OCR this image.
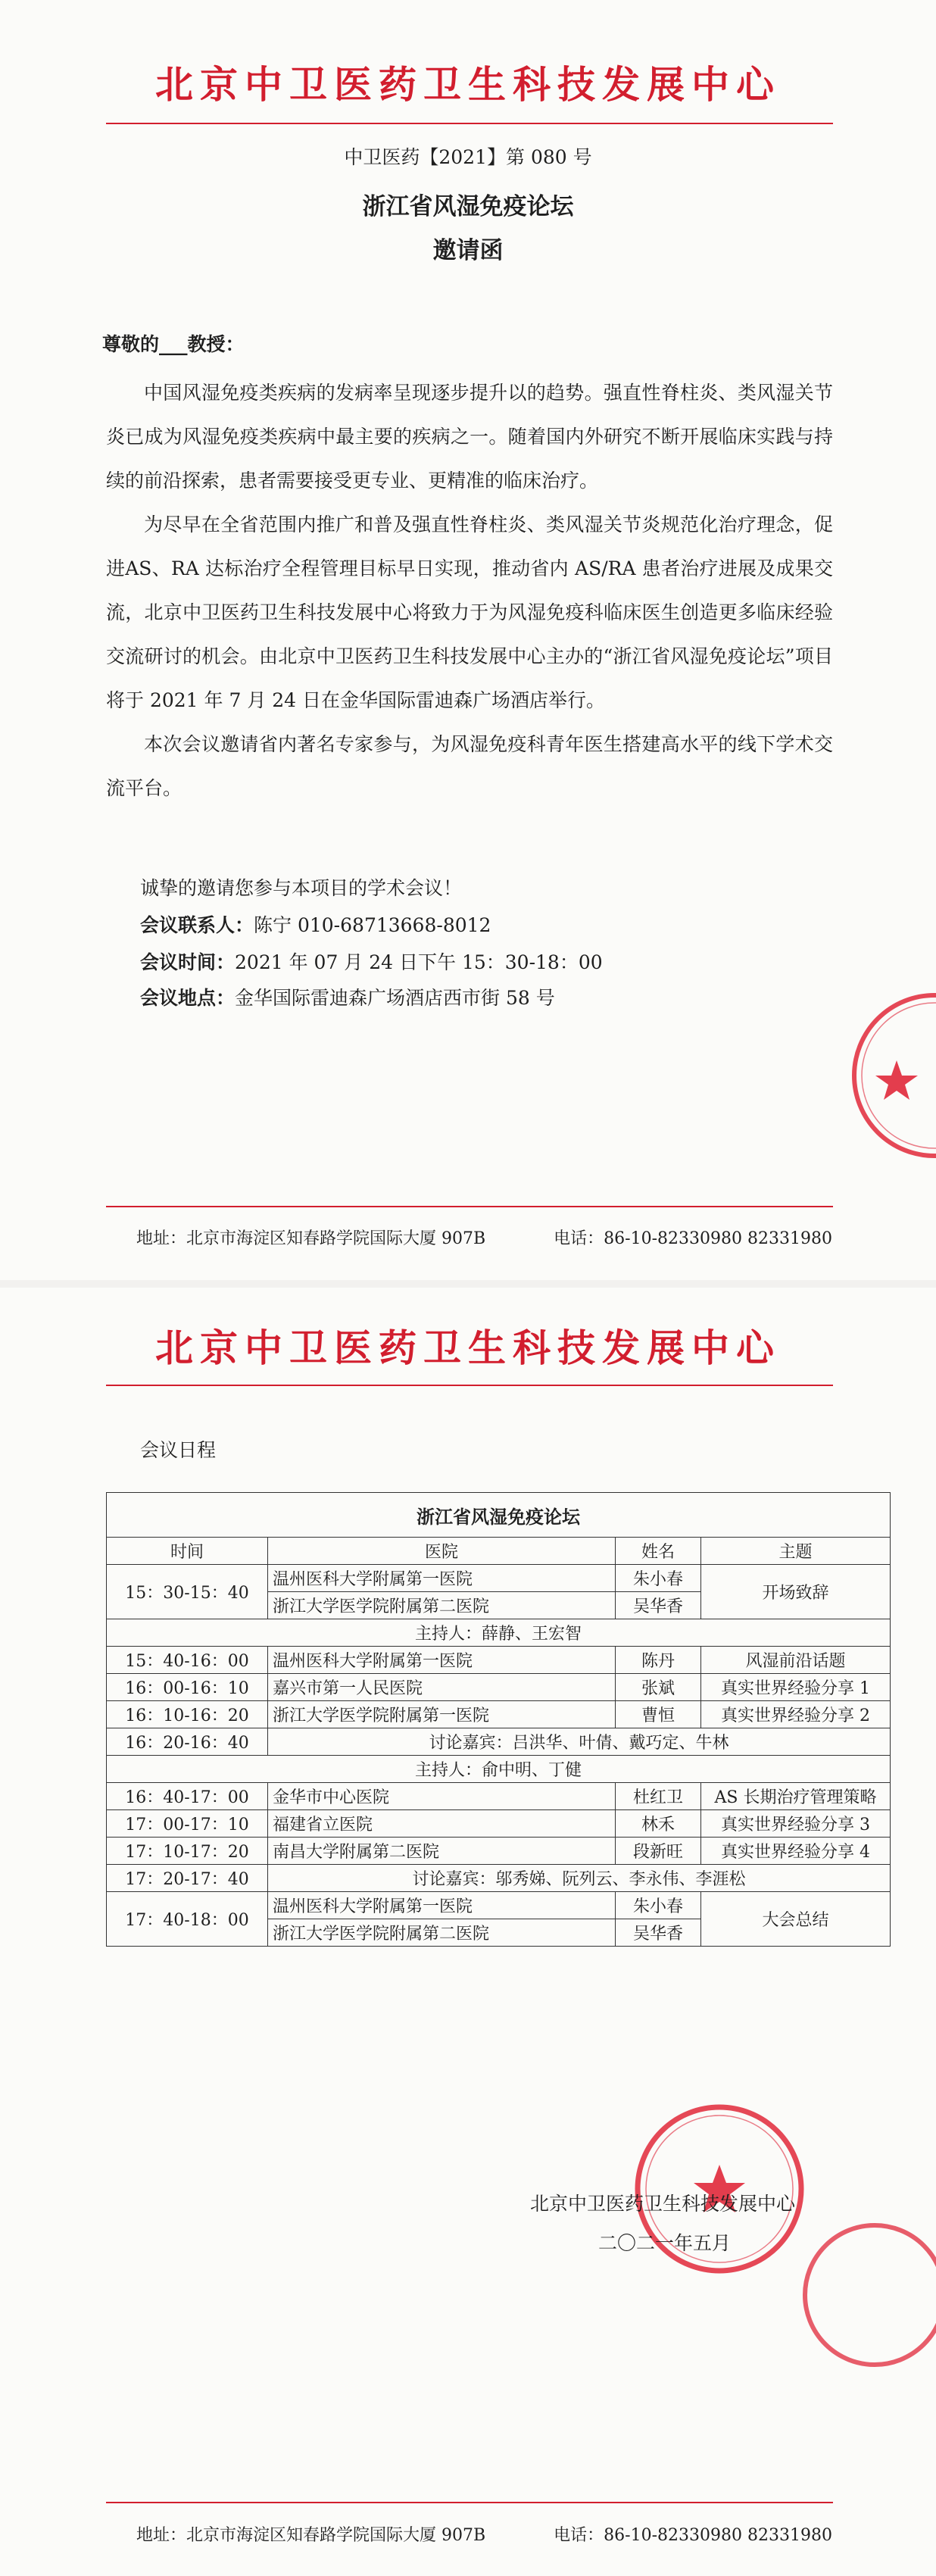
北京中卫医药卫生科技发展中心
中卫医药【2021】第 080 号
浙江省风湿免疫论坛
邀请函
尊敬的___教授：

中国风湿免疫类疾病的发病率呈现逐步提升以的趋势。强直性脊柱炎、类风湿关节炎已成为风湿免疫类疾病中最主要的疾病之一。随着国内外研究不断开展临床实践与持续的前沿探索，患者需要接受更专业、更精准的临床治疗。

为尽早在全省范围内推广和普及强直性脊柱炎、类风湿关节炎规范化治疗理念，促进AS、RA 达标治疗全程管理目标早日实现，推动省内 AS/RA 患者治疗进展及成果交流，北京中卫医药卫生科技发展中心将致力于为风湿免疫科临床医生创造更多临床经验交流研讨的机会。由北京中卫医药卫生科技发展中心主办的“浙江省风湿免疫论坛”项目将于 2021 年 7 月 24 日在金华国际雷迪森广场酒店举行。

本次会议邀请省内著名专家参与，为风湿免疫科青年医生搭建高水平的线下学术交流平台。

诚挚的邀请您参与本项目的学术会议！
会议联系人：陈宁 010-68713668-8012
会议时间：2021 年 07 月 24 日下午 15：30-18：00
会议地点：金华国际雷迪森广场酒店西市街 58 号
地址：北京市海淀区知春路学院国际大厦 907B	电话：86-10-82330980 82331980
北京中卫医药卫生科技发展中心
地址：北京市海淀区知春路学院国际大厦 907B	电话：86-10-82330980 82331980
北京中卫医药卫生科技发展中心
二〇二一年五月
会议日程
浙江省风湿免疫论坛			
时间	医院	姓名	主题
15：30-15：40	温州医科大学附属第一医院	朱小春	开场致辞
	浙江大学医学院附属第二医院	吴华香	
主持人：薛静、王宏智			
15：40-16：00	温州医科大学附属第一医院	陈丹	风湿前沿话题
16：00-16：10	嘉兴市第一人民医院	张斌	真实世界经验分享 1
16：10-16：20	浙江大学医学院附属第一医院	曹恒	真实世界经验分享 2
16：20-16：40	讨论嘉宾：吕洪华、叶倩、戴巧定、牛林		
主持人：俞中明、丁健			
16：40-17：00	金华市中心医院	杜红卫	AS 长期治疗管理策略
17：00-17：10	福建省立医院	林禾	真实世界经验分享 3
17：10-17：20	南昌大学附属第二医院	段新旺	真实世界经验分享 4
17：20-17：40	讨论嘉宾：邬秀娣、阮列云、李永伟、李涯松		
17：40-18：00	温州医科大学附属第一医院	朱小春	大会总结
	浙江大学医学院附属第二医院	吴华香	
